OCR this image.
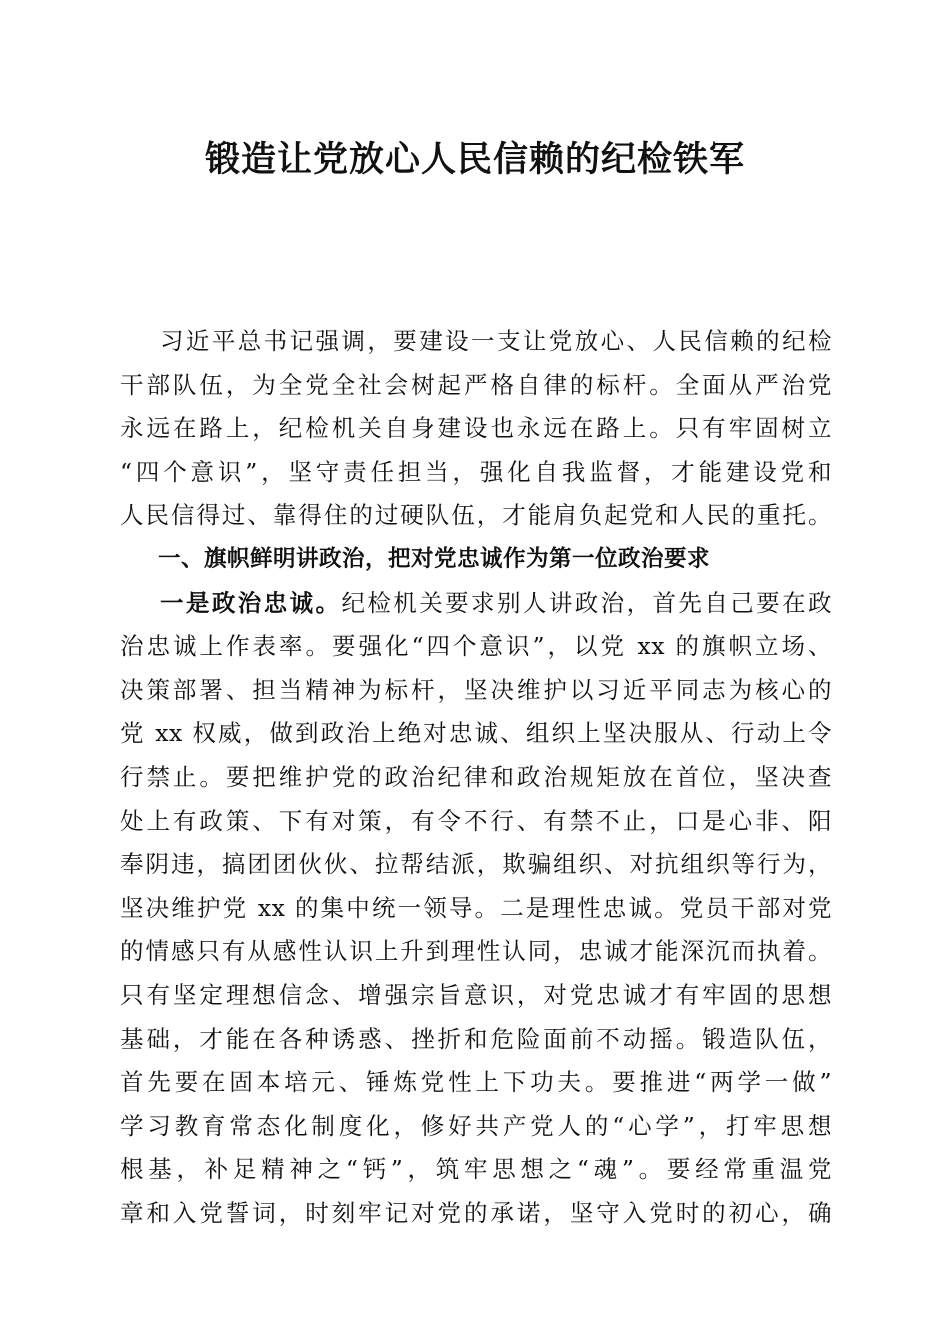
锻造让党放心人民信赖的纪检铁军
习近平总书记强调，要建设一支让党放心、人民信赖的纪检
干部队伍，为全党全社会树起严格自律的标杆。全面从严治党
永远在路上，纪检机关自身建设也永远在路上。只有牢固树立
“四个意识”，坚守责任担当，强化自我监督，才能建设党和
人民信得过、靠得住的过硬队伍，才能肩负起党和人民的重托。
一、旗帜鲜明讲政治，把对党忠诚作为第一位政治要求
一是政治忠诚。纪检机关要求别人讲政治，首先自己要在政
治忠诚上作表率。要强化“四个意识”，以党 xx 的旗帜立场、
决策部署、担当精神为标杆，坚决维护以习近平同志为核心的
党 xx 权威，做到政治上绝对忠诚、组织上坚决服从、行动上令
行禁止。要把维护党的政治纪律和政治规矩放在首位，坚决查
处上有政策、下有对策，有令不行、有禁不止，口是心非、阳
奉阴违，搞团团伙伙、拉帮结派，欺骗组织、对抗组织等行为，
坚决维护党 xx 的集中统一领导。二是理性忠诚。党员干部对党
的情感只有从感性认识上升到理性认同，忠诚才能深沉而执着。
只有坚定理想信念、增强宗旨意识，对党忠诚才有牢固的思想
基础，才能在各种诱惑、挫折和危险面前不动摇。锻造队伍，
首先要在固本培元、锤炼党性上下功夫。要推进“两学一做”
学习教育常态化制度化，修好共产党人的“心学”，打牢思想
根基，补足精神之“钙”，筑牢思想之“魂”。要经常重温党
章和入党誓词，时刻牢记对党的承诺，坚守入党时的初心，确
